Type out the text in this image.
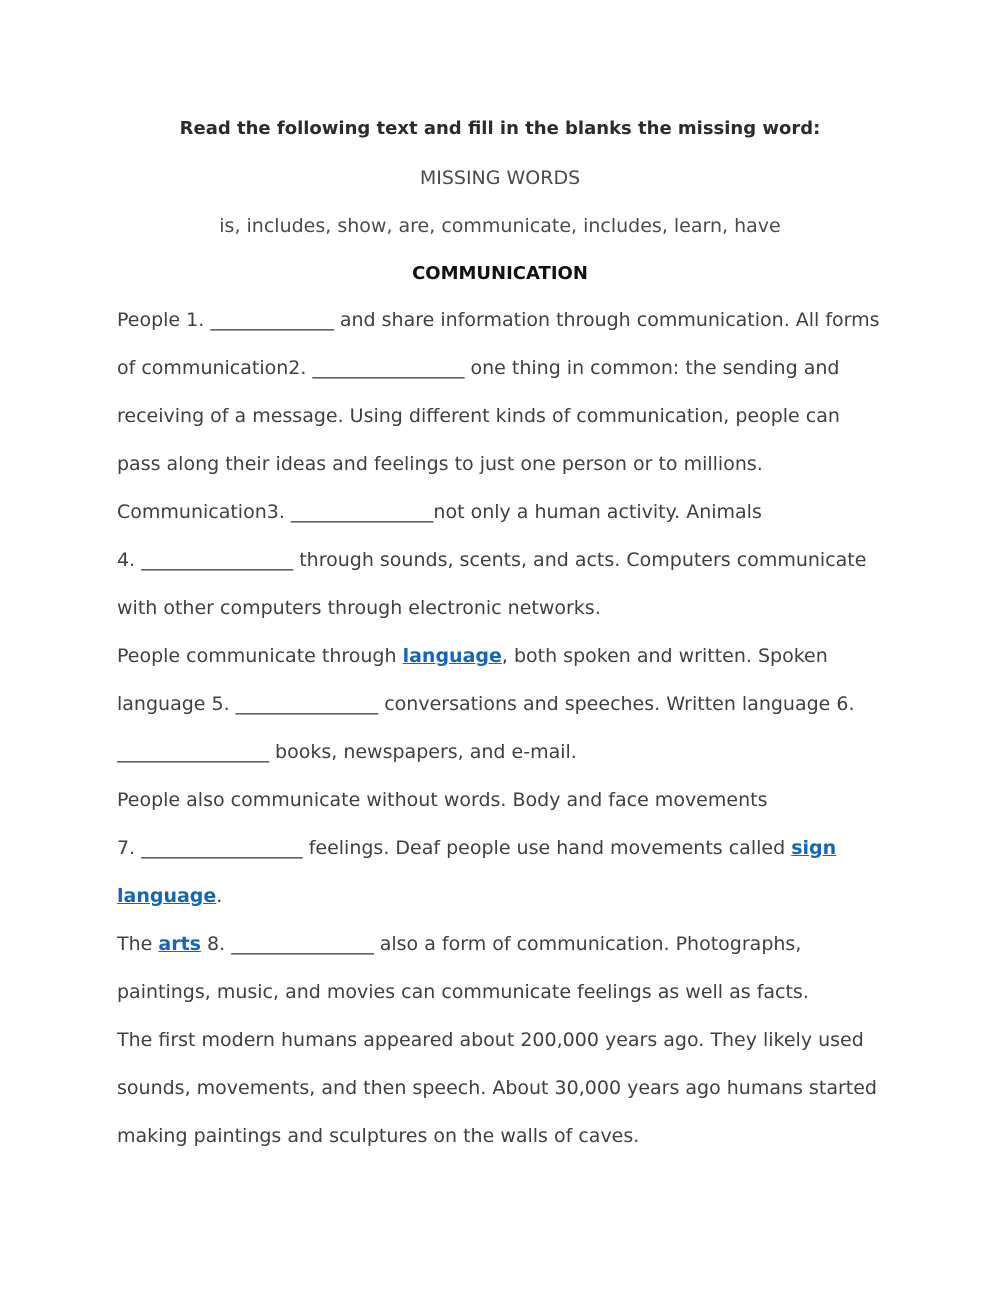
Read the following text and fill in the blanks the missing word:
MISSING WORDS
is, includes, show, are, communicate, includes, learn, have
COMMUNICATION
People 1. _____________ and share information through communication. All forms
of communication2. ________________ one thing in common: the sending and
receiving of a message. Using different kinds of communication, people can
pass along their ideas and feelings to just one person or to millions.
Communication3. _______________not only a human activity. Animals
4. ________________ through sounds, scents, and acts. Computers communicate
with other computers through electronic networks.
People communicate through language, both spoken and written. Spoken
language 5. _______________ conversations and speeches. Written language 6.
________________ books, newspapers, and e-mail.
People also communicate without words. Body and face movements
7. _________________ feelings. Deaf people use hand movements called sign
language.
The arts 8. _______________ also a form of communication. Photographs,
paintings, music, and movies can communicate feelings as well as facts.
The first modern humans appeared about 200,000 years ago. They likely used
sounds, movements, and then speech. About 30,000 years ago humans started
making paintings and sculptures on the walls of caves.
